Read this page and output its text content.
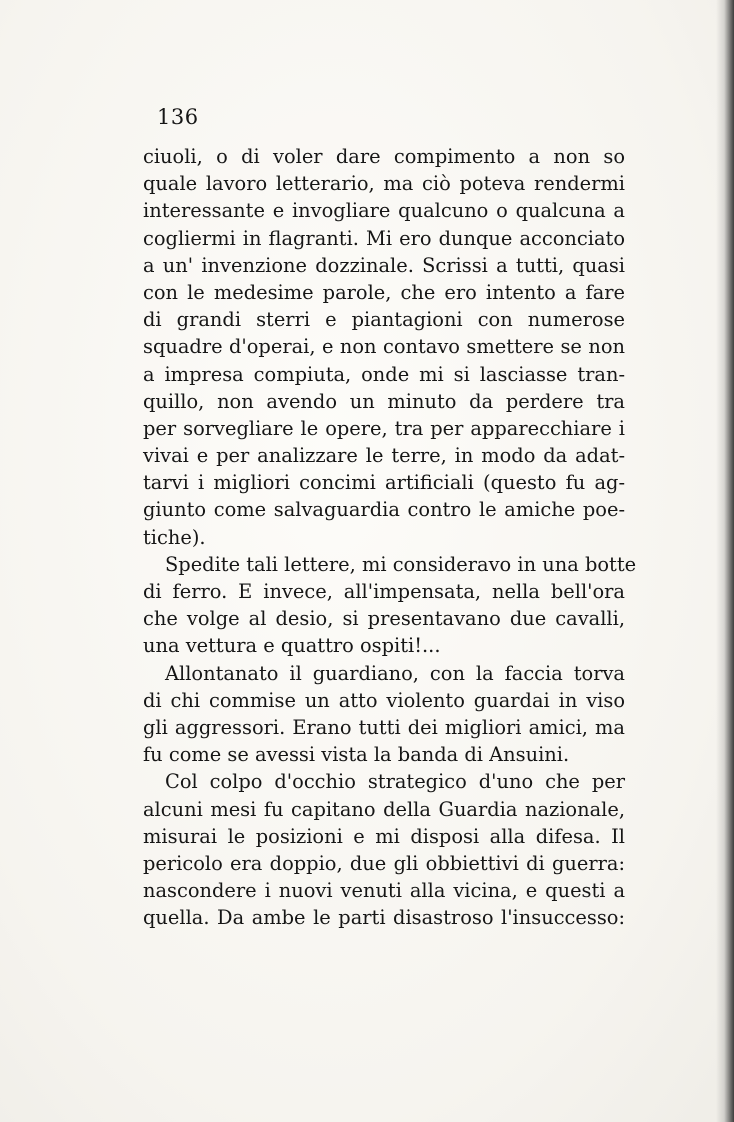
136
ciuoli, o di voler dare compimento a non so
quale lavoro letterario, ma ciò poteva rendermi
interessante e invogliare qualcuno o qualcuna a
cogliermi in flagranti. Mi ero dunque acconciato
a un' invenzione dozzinale. Scrissi a tutti, quasi
con le medesime parole, che ero intento a fare
di grandi sterri e piantagioni con numerose
squadre d'operai, e non contavo smettere se non
a impresa compiuta, onde mi si lasciasse tran-
quillo, non avendo un minuto da perdere tra
per sorvegliare le opere, tra per apparecchiare i
vivai e per analizzare le terre, in modo da adat-
tarvi i migliori concimi artificiali (questo fu ag-
giunto come salvaguardia contro le amiche poe-
tiche).
Spedite tali lettere, mi consideravo in una botte
di ferro. E invece, all'impensata, nella bell'ora
che volge al desio, si presentavano due cavalli,
una vettura e quattro ospiti!...
Allontanato il guardiano, con la faccia torva
di chi commise un atto violento guardai in viso
gli aggressori. Erano tutti dei migliori amici, ma
fu come se avessi vista la banda di Ansuini.
Col colpo d'occhio strategico d'uno che per
alcuni mesi fu capitano della Guardia nazionale,
misurai le posizioni e mi disposi alla difesa. Il
pericolo era doppio, due gli obbiettivi di guerra:
nascondere i nuovi venuti alla vicina, e questi a
quella. Da ambe le parti disastroso l'insuccesso:
